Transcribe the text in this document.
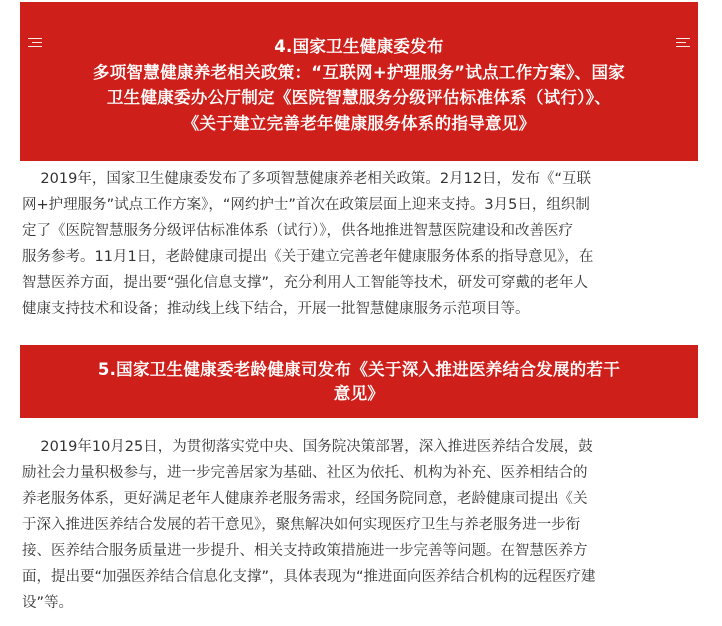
4.国家卫生健康委发布
多项智慧健康养老相关政策：“互联网+护理服务”试点工作方案》、国家
卫生健康委办公厅制定《医院智慧服务分级评估标准体系（试行）》、
《关于建立完善老年健康服务体系的指导意见》
2019年，国家卫生健康委发布了多项智慧健康养老相关政策。2月12日，发布《“互联
网+护理服务”试点工作方案》，“网约护士”首次在政策层面上迎来支持。3月5日，组织制
定了《医院智慧服务分级评估标准体系（试行）》，供各地推进智慧医院建设和改善医疗
服务参考。11月1日，老龄健康司提出《关于建立完善老年健康服务体系的指导意见》，在
智慧医养方面，提出要“强化信息支撑”，充分利用人工智能等技术，研发可穿戴的老年人
健康支持技术和设备；推动线上线下结合，开展一批智慧健康服务示范项目等。
5.国家卫生健康委老龄健康司发布《关于深入推进医养结合发展的若干
意见》
2019年10月25日，为贯彻落实党中央、国务院决策部署，深入推进医养结合发展，鼓
励社会力量积极参与，进一步完善居家为基础、社区为依托、机构为补充、医养相结合的
养老服务体系，更好满足老年人健康养老服务需求，经国务院同意，老龄健康司提出《关
于深入推进医养结合发展的若干意见》，聚焦解决如何实现医疗卫生与养老服务进一步衔
接、医养结合服务质量进一步提升、相关支持政策措施进一步完善等问题。在智慧医养方
面，提出要“加强医养结合信息化支撑”，具体表现为“推进面向医养结合机构的远程医疗建
设”等。
